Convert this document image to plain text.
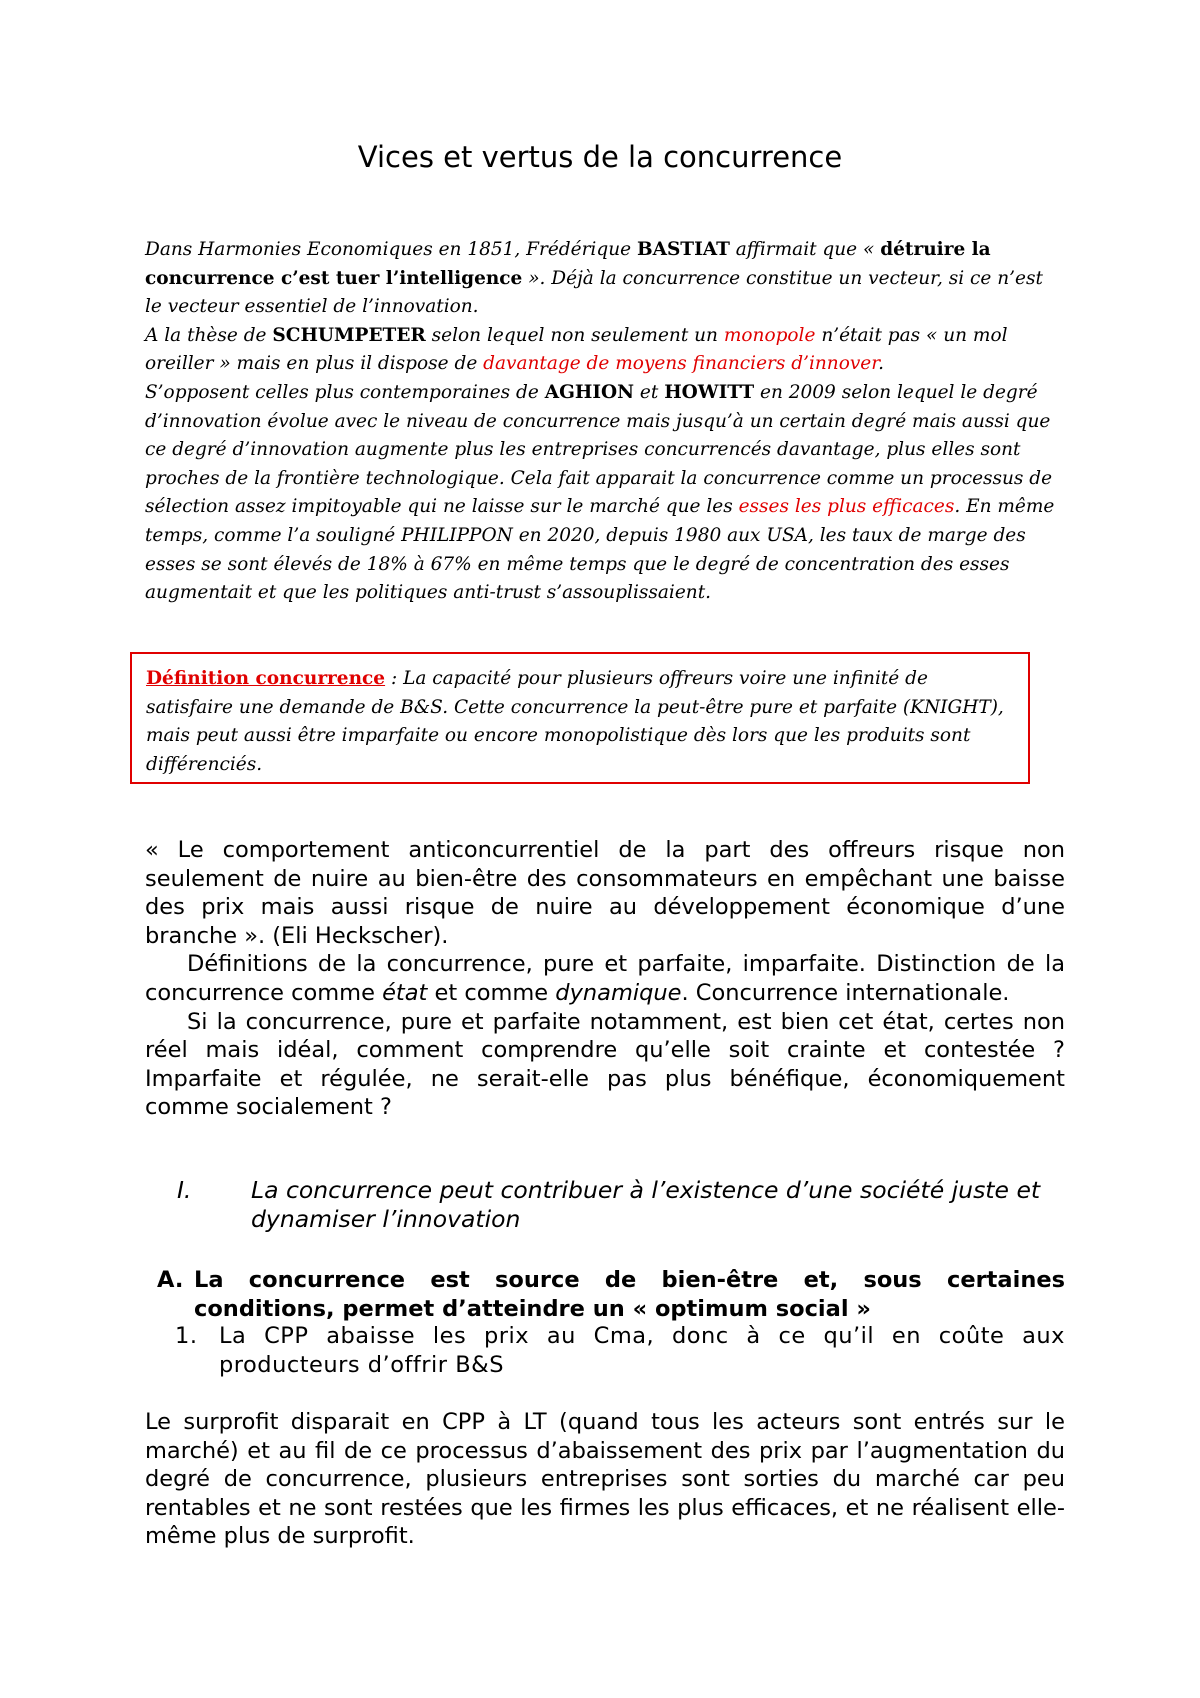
Vices et vertus de la concurrence

Dans Harmonies Economiques en 1851, Frédérique BASTIAT affirmait que « détruire la concurrence c’est tuer l’intelligence ». Déjà la concurrence constitue un vecteur, si ce n’est le vecteur essentiel de l’innovation.

A la thèse de SCHUMPETER selon lequel non seulement un monopole n’était pas « un mol oreiller » mais en plus il dispose de davantage de moyens financiers d’innover.

S’opposent celles plus contemporaines de AGHION et HOWITT en 2009 selon lequel le degré d’innovation évolue avec le niveau de concurrence mais jusqu’à un certain degré mais aussi que ce degré d’innovation augmente plus les entreprises concurrencés davantage, plus elles sont proches de la frontière technologique. Cela fait apparait la concurrence comme un processus de sélection assez impitoyable qui ne laisse sur le marché que les esses les plus efficaces. En même temps, comme l’a souligné PHILIPPON en 2020, depuis 1980 aux USA, les taux de marge des esses se sont élevés de 18% à 67% en même temps que le degré de concentration des esses augmentait et que les politiques anti-trust s’assouplissaient.

Définition concurrence : La capacité pour plusieurs offreurs voire une infinité de satisfaire une demande de B&S. Cette concurrence la peut-être pure et parfaite (KNIGHT), mais peut aussi être imparfaite ou encore monopolistique dès lors que les produits sont différenciés.

« Le comportement anticoncurrentiel de la part des offreurs risque non seulement de nuire au bien-être des consommateurs en empêchant une baisse des prix mais aussi risque de nuire au développement économique d’une branche ». (Eli Heckscher).

Définitions de la concurrence, pure et parfaite, imparfaite. Distinction de la concurrence comme état et comme dynamique. Concurrence internationale.

Si la concurrence, pure et parfaite notamment, est bien cet état, certes non réel mais idéal, comment comprendre qu’elle soit crainte et contestée ? Imparfaite et régulée, ne serait-elle pas plus bénéfique, économiquement comme socialement ?

I.	La concurrence peut contribuer à l’existence d’une société juste et dynamiser l’innovation
A. La concurrence est source de bien-être et, sous certaines conditions, permet d’atteindre un « optimum social »
1. La CPP abaisse les prix au Cma, donc à ce qu’il en coûte aux producteurs d’offrir B&S

Le surprofit disparait en CPP à LT (quand tous les acteurs sont entrés sur le marché) et au fil de ce processus d’abaissement des prix par l’augmentation du degré de concurrence, plusieurs entreprises sont sorties du marché car peu rentables et ne sont restées que les firmes les plus efficaces, et ne réalisent elle-même plus de surprofit.
